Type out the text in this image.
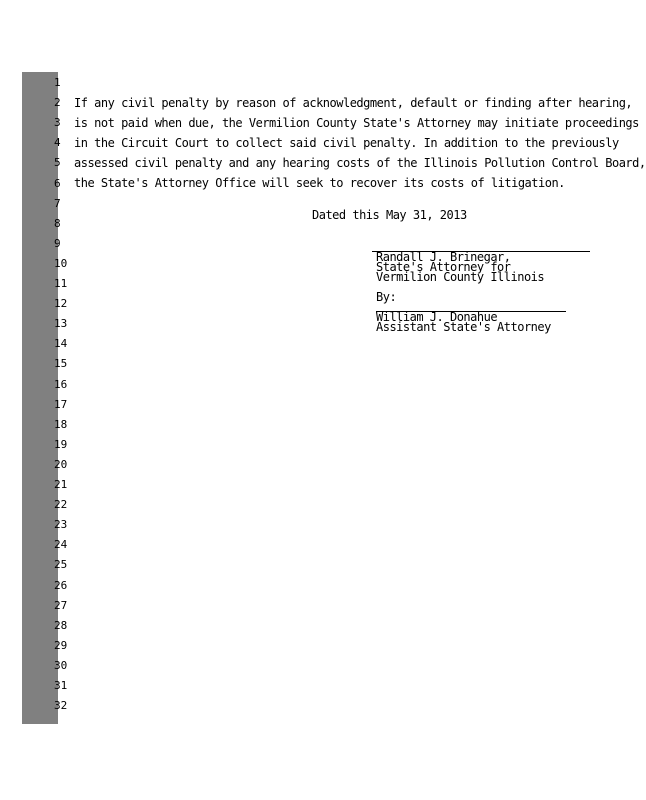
1
2
3
4
5
6
7
8
9
10
11
12
13
14
15
16
17
18
19
20
21
22
23
24
25
26
27
28
29
30
31
32
If any civil penalty by reason of acknowledgment, default or finding after hearing,
is not paid when due, the Vermilion County State's Attorney may initiate proceedings
in the Circuit Court to collect said civil penalty. In addition to the previously
assessed civil penalty and any hearing costs of the Illinois Pollution Control Board,
the State's Attorney Office will seek to recover its costs of litigation.
Dated this May 31, 2013
Randall J. Brinegar,
State's Attorney for
Vermilion County Illinois
By:
William J. Donahue
Assistant State's Attorney
